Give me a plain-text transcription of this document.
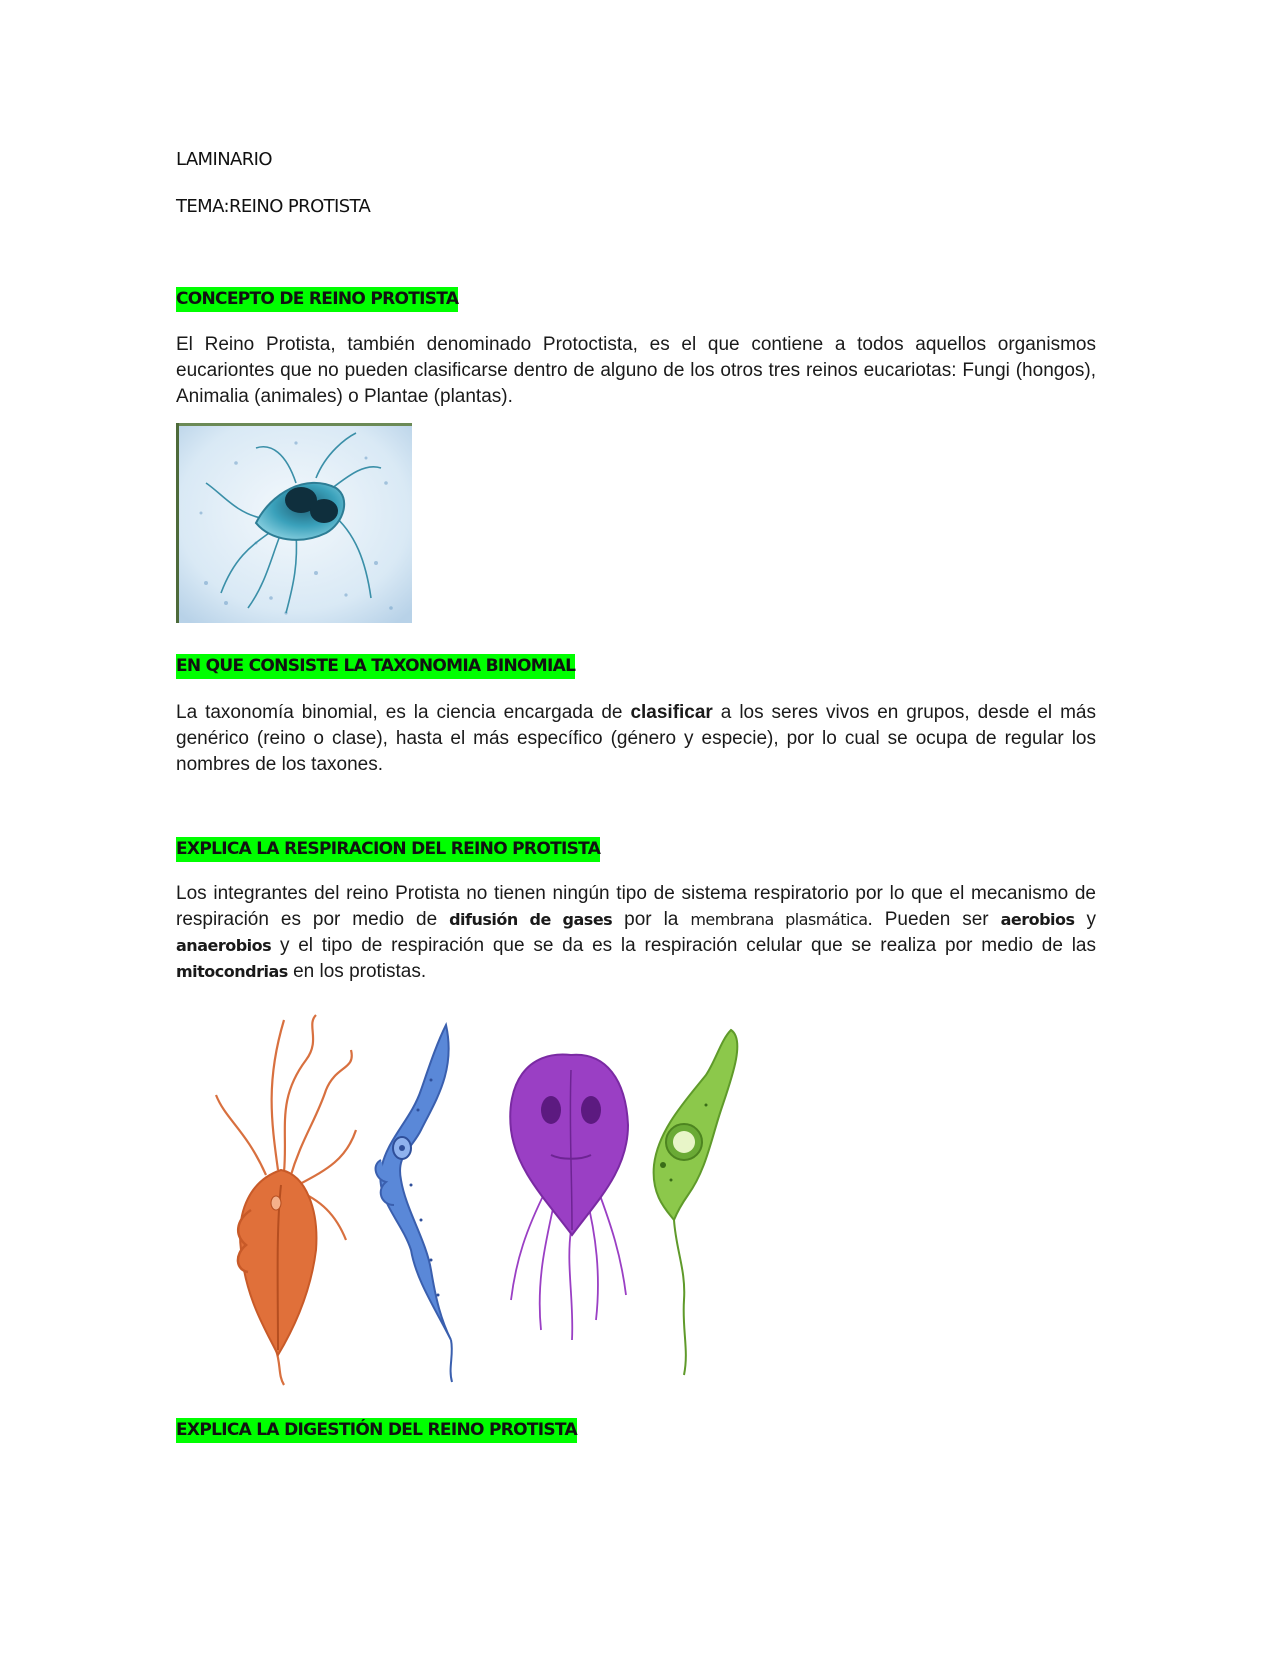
LAMINARIO
TEMA:REINO PROTISTA
CONCEPTO DE REINO PROTISTA
El Reino Protista, también denominado Protoctista, es el que contiene a todos aquellos organismos eucariontes que no pueden clasificarse dentro de alguno de los otros tres reinos eucariotas: Fungi (hongos), Animalia (animales) o Plantae (plantas).
EN QUE CONSISTE LA TAXONOMIA BINOMIAL
La taxonomía binomial, es la ciencia encargada de clasificar a los seres vivos en grupos, desde el más genérico (reino o clase), hasta el más específico (género y especie), por lo cual se ocupa de regular los nombres de los taxones.
EXPLICA LA RESPIRACION DEL REINO PROTISTA
Los integrantes del reino Protista no tienen ningún tipo de sistema respiratorio por lo que el mecanismo de respiración es por medio de difusión de gases por la membrana plasmática. Pueden ser aerobios y anaerobios y el tipo de respiración que se da es la respiración celular que se realiza por medio de las mitocondrias en los protistas.
EXPLICA LA DIGESTIÓN DEL REINO PROTISTA
